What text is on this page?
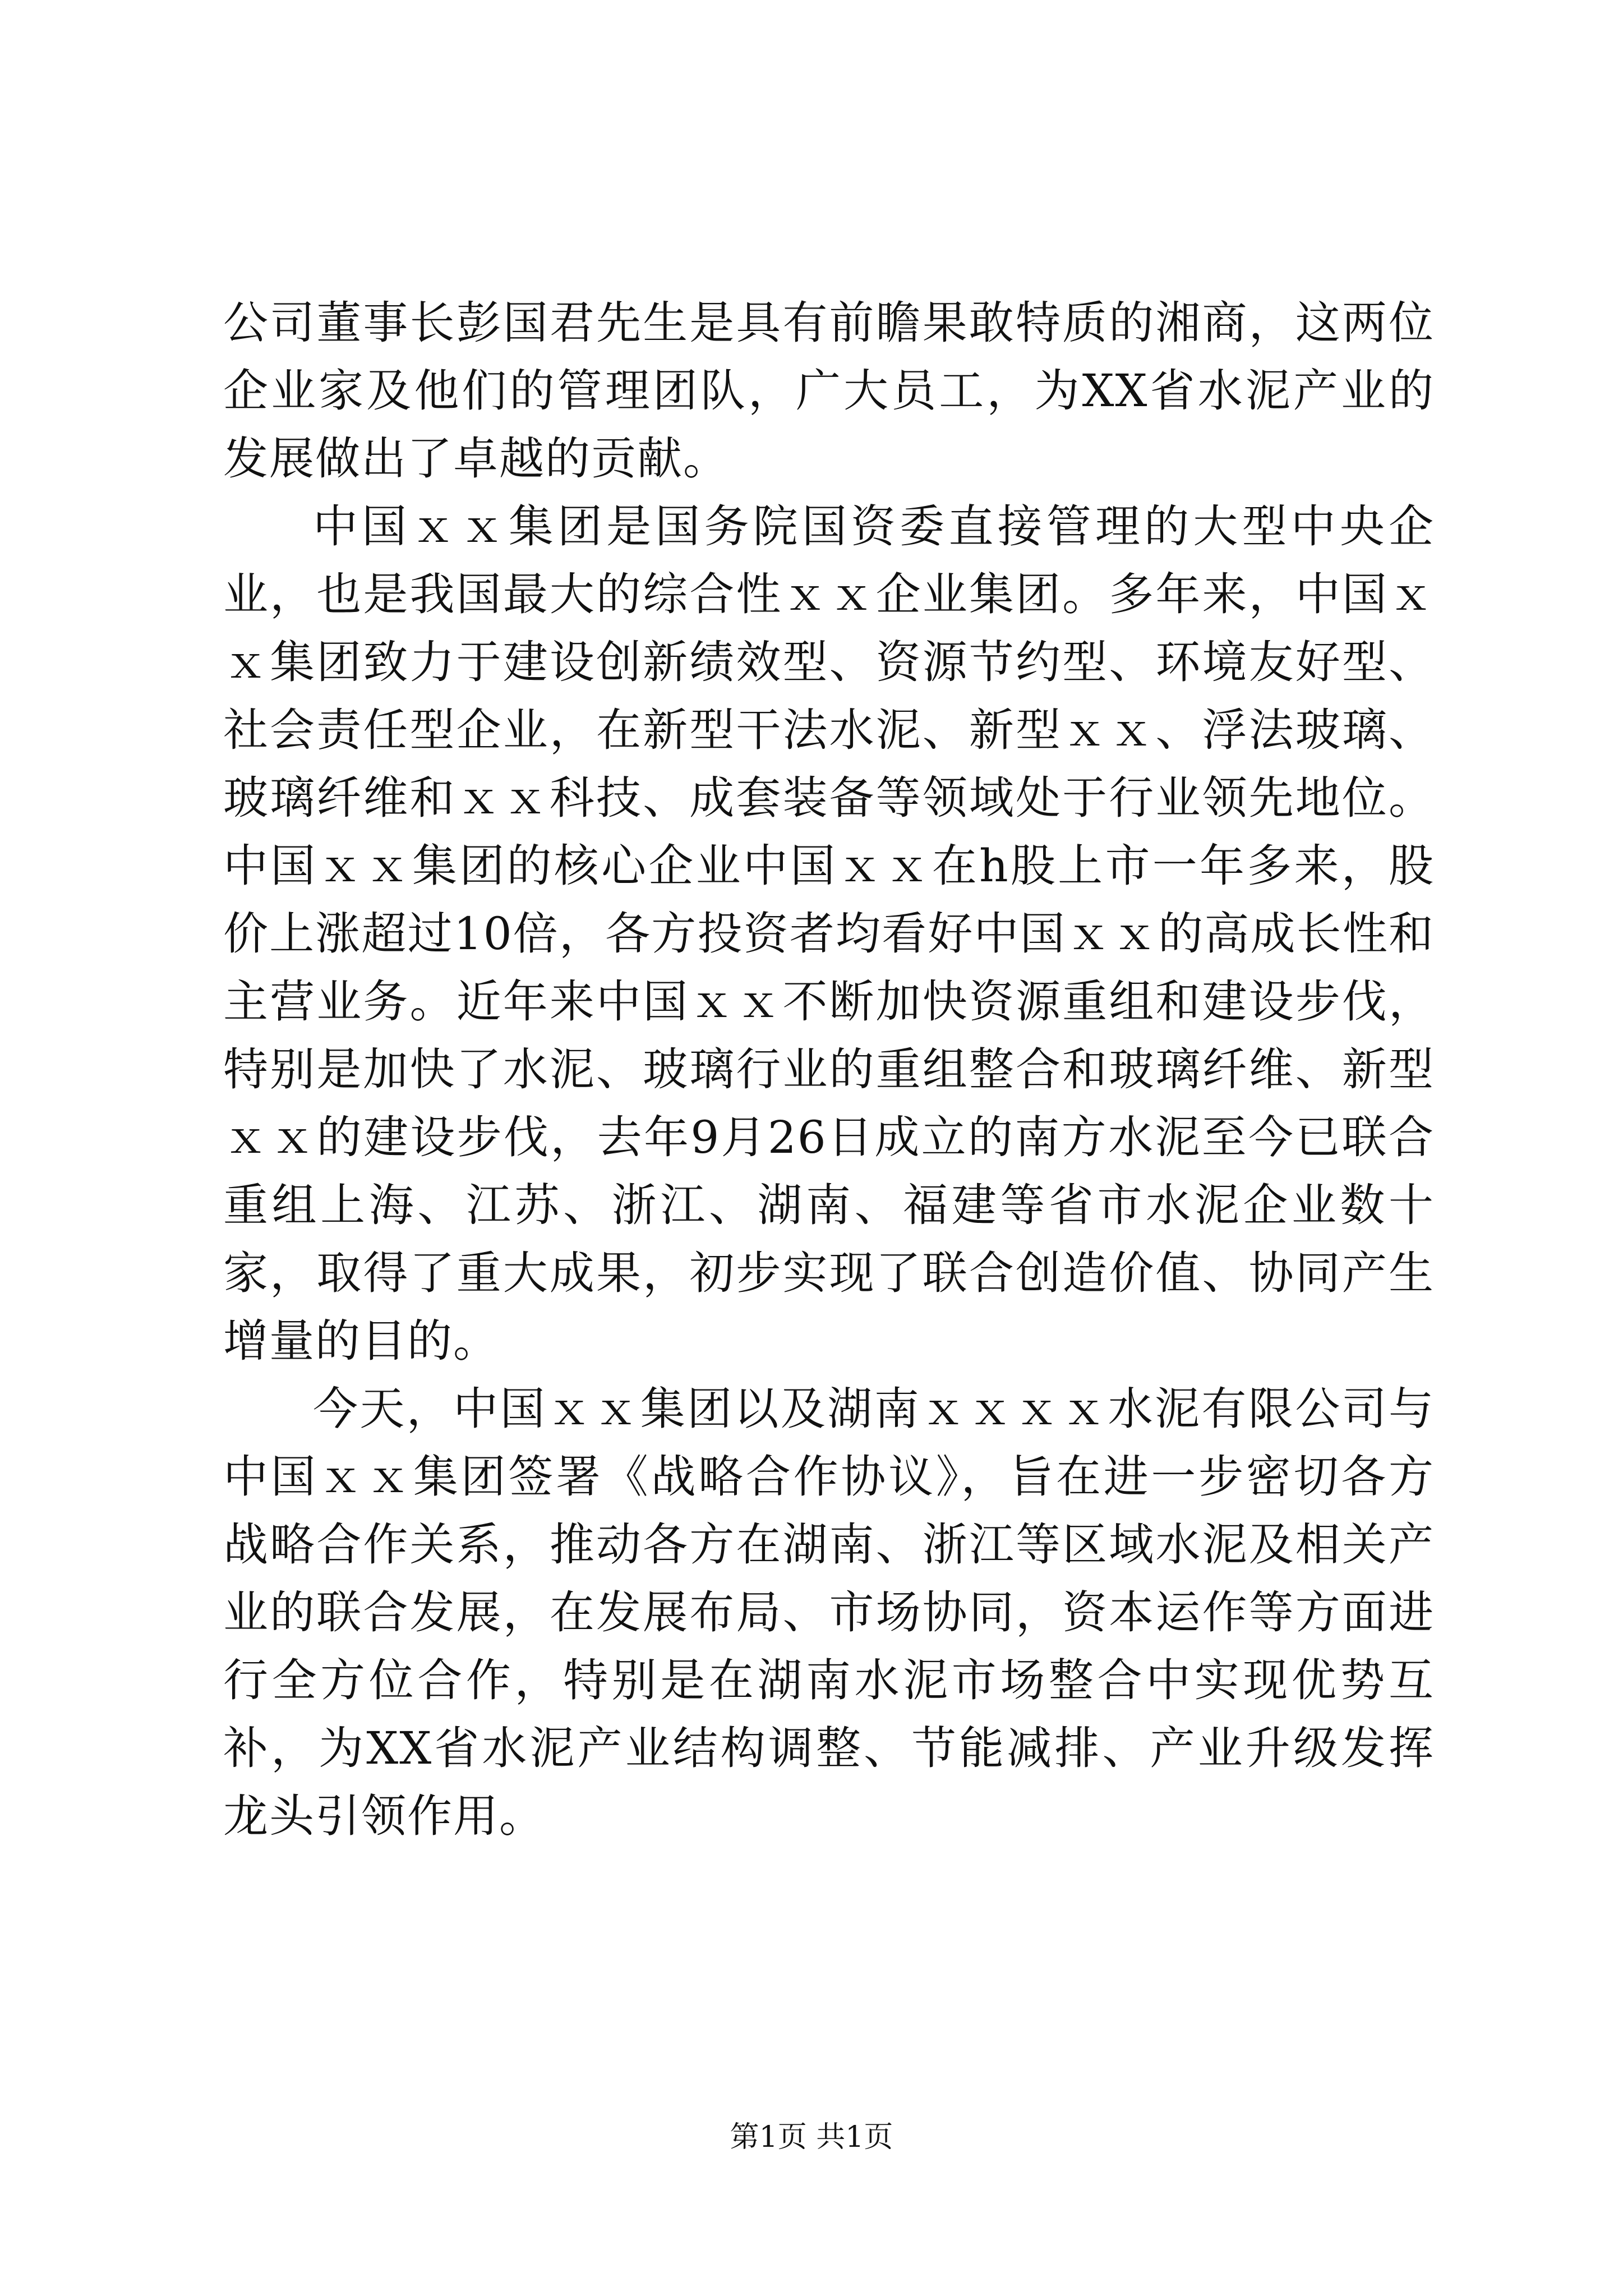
公司董事长彭国君先生是具有前瞻果敢特质的湘商，这两位企业家及他们的管理团队，广大员工，为XX省水泥产业的发展做出了卓越的贡献。

中国ｘｘ集团是国务院国资委直接管理的大型中央企业，也是我国最大的综合性ｘｘ企业集团。多年来，中国ｘｘ集团致力于建设创新绩效型、资源节约型、环境友好型、社会责任型企业，在新型干法水泥、新型ｘｘ、浮法玻璃、玻璃纤维和ｘｘ科技、成套装备等领域处于行业领先地位。中国ｘｘ集团的核心企业中国ｘｘ在h股上市一年多来，股价上涨超过10倍，各方投资者均看好中国ｘｘ的高成长性和主营业务。近年来中国ｘｘ不断加快资源重组和建设步伐，特别是加快了水泥、玻璃行业的重组整合和玻璃纤维、新型ｘｘ的建设步伐，去年9月26日成立的南方水泥至今已联合重组上海、江苏、浙江、湖南、福建等省市水泥企业数十家，取得了重大成果，初步实现了联合创造价值、协同产生增量的目的。

今天，中国ｘｘ集团以及湖南ｘｘｘｘ水泥有限公司与中国ｘｘ集团签署《战略合作协议》，旨在进一步密切各方战略合作关系，推动各方在湖南、浙江等区域水泥及相关产业的联合发展，在发展布局、市场协同，资本运作等方面进行全方位合作，特别是在湖南水泥市场整合中实现优势互补，为XX省水泥产业结构调整、节能减排、产业升级发挥龙头引领作用。

第1页 共1页
